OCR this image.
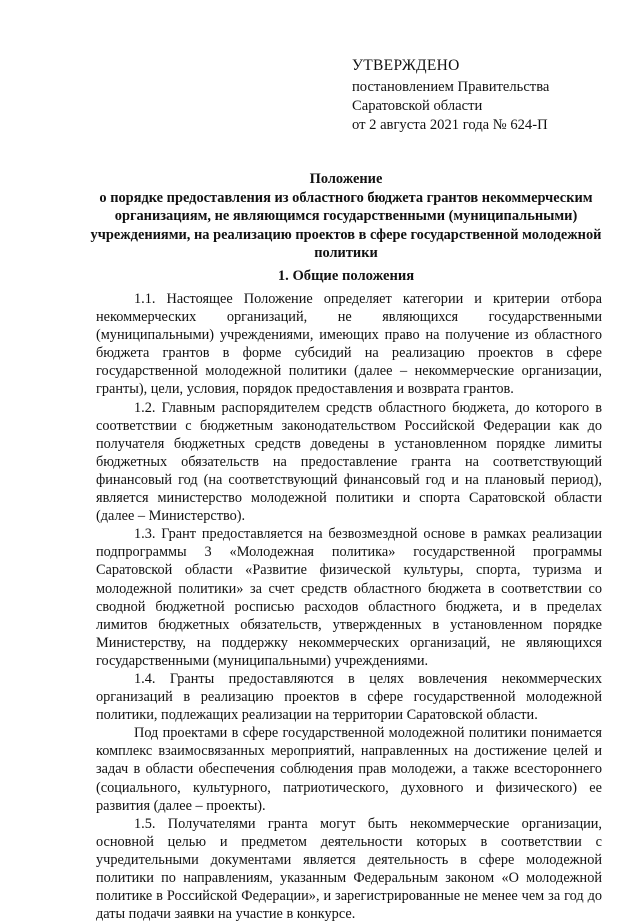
УТВЕРЖДЕНО
постановлением Правительства
Саратовской области
от 2 августа 2021 года № 624-П
Положение
о порядке предоставления из областного бюджета грантов некоммерческим организациям, не являющимся государственными (муниципальными) учреждениями, на реализацию проектов в сфере государственной молодежной политики
1. Общие положения

1.1. Настоящее Положение определяет категории и критерии отбора некоммерческих организаций, не являющихся государственными (муниципальными) учреждениями, имеющих право на получение из областного бюджета грантов в форме субсидий на реализацию проектов в сфере государственной молодежной политики (далее – некоммерческие организации, гранты), цели, условия, порядок предоставления и возврата грантов.

1.2. Главным распорядителем средств областного бюджета, до которого в соответствии с бюджетным законодательством Российской Федерации как до получателя бюджетных средств доведены в установленном порядке лимиты бюджетных обязательств на предоставление гранта на соответствующий финансовый год (на соответствующий финансовый год и на плановый период), является министерство молодежной политики и спорта Саратовской области (далее – Министерство).

1.3. Грант предоставляется на безвозмездной основе в рамках реализации подпрограммы 3 «Молодежная политика» государственной программы Саратовской области «Развитие физической культуры, спорта, туризма и молодежной политики» за счет средств областного бюджета в соответствии со сводной бюджетной росписью расходов областного бюджета, и в пределах лимитов бюджетных обязательств, утвержденных в установленном порядке Министерству, на поддержку некоммерческих организаций, не являющихся государственными (муниципальными) учреждениями.

1.4. Гранты предоставляются в целях вовлечения некоммерческих организаций в реализацию проектов в сфере государственной молодежной политики, подлежащих реализации на территории Саратовской области.

Под проектами в сфере государственной молодежной политики понимается комплекс взаимосвязанных мероприятий, направленных на достижение целей и задач в области обеспечения соблюдения прав молодежи, а также всестороннего (социального, культурного, патриотического, духовного и физического) ее развития (далее – проекты).

1.5. Получателями гранта могут быть некоммерческие организации, основной целью и предметом деятельности которых в соответствии с учредительными документами является деятельность в сфере молодежной политики по направлениям, указанным Федеральным законом «О молодежной политике в Российской Федерации», и зарегистрированные не менее чем за год до даты подачи заявки на участие в конкурсе.
